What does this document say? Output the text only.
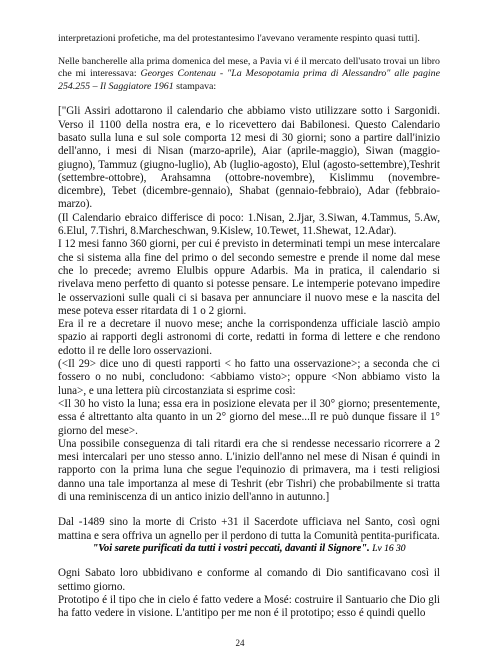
interpretazioni profetiche, ma del protestantesimo l'avevano veramente respinto quasi tutti].

Nelle bancherelle alla prima domenica del mese, a Pavia vi é il mercato dell'usato trovai un libro che mi interessava: Georges Contenau - "La Mesopotamia prima di Alessandro" alle pagine 254.255 – Il Saggiatore 1961 stampava:

["Gli Assiri adottarono il calendario che abbiamo visto utilizzare sotto i Sargonidi. Verso il 1100 della nostra era, e lo ricevettero dai Babilonesi. Questo Calendario basato sulla luna e sul sole comporta 12 mesi di 30 giorni; sono a partire dall'inizio dell'anno, i mesi di Nisan (marzo-aprile), Aiar (aprile-maggio), Siwan (maggio-giugno), Tammuz (giugno-luglio), Ab (luglio-agosto), Elul (agosto-settembre),Teshrit (settembre-ottobre), Arahsamna (ottobre-novembre), Kislimmu (novembre-dicembre), Tebet (dicembre-gennaio), Shabat (gennaio-febbraio), Adar (febbraio-marzo).

(Il Calendario ebraico differisce di poco: 1.Nisan, 2.Jjar, 3.Siwan, 4.Tammus, 5.Aw, 6.Elul, 7.Tishri, 8.Marcheschwan, 9.Kislew, 10.Tewet, 11.Shewat, 12.Adar).

I 12 mesi fanno 360 giorni, per cui é previsto in determinati tempi un mese intercalare che si sistema alla fine del primo o del secondo semestre e prende il nome dal mese che lo precede; avremo Elulbis oppure Adarbis. Ma in pratica, il calendario si rivelava meno perfetto di quanto si potesse pensare. Le intemperie potevano impedire le osservazioni sulle quali ci si basava per annunciare il nuovo mese e la nascita del mese poteva esser ritardata di 1 o 2 giorni.

Era il re a decretare il nuovo mese; anche la corrispondenza ufficiale lasciò ampio spazio ai rapporti degli astronomi di corte, redatti in forma di lettere e che rendono edotto il re delle loro osservazioni.

(<Il 29> dice uno di questi rapporti < ho fatto una osservazione>; a seconda che ci fossero o no nubi, concludono: <abbiamo visto>; oppure <Non abbiamo visto la luna>, e una lettera più circostanziata si esprime così:

<Il 30 ho visto la luna; essa era in posizione elevata per il 30° giorno; presentemente, essa é altrettanto alta quanto in un 2° giorno del mese...Il re può dunque fissare il 1° giorno del mese>.

Una possibile conseguenza di tali ritardi era che si rendesse necessario ricorrere a 2 mesi intercalari per uno stesso anno. L'inizio dell'anno nel mese di Nisan é quindi in rapporto con la prima luna che segue l'equinozio di primavera, ma i testi religiosi danno una tale importanza al mese di Teshrit (ebr Tishri) che probabilmente si tratta di una reminiscenza di un antico inizio dell'anno in autunno.]

Dal -1489 sino la morte di Cristo +31 il Sacerdote ufficiava nel Santo, così ogni mattina e sera offriva un agnello per il perdono di tutta la Comunità pentita-purificata.

"Voi sarete purificati da tutti i vostri peccati, davanti il Signore". Lv 16 30

Ogni Sabato loro ubbidivano e conforme al comando di Dio santificavano così il settimo giorno.

Prototipo é il tipo che in cielo é fatto vedere a Mosé: costruire il Santuario che Dio gli ha fatto vedere in visione. L'antitipo per me non é il prototipo; esso é quindi quello

24
